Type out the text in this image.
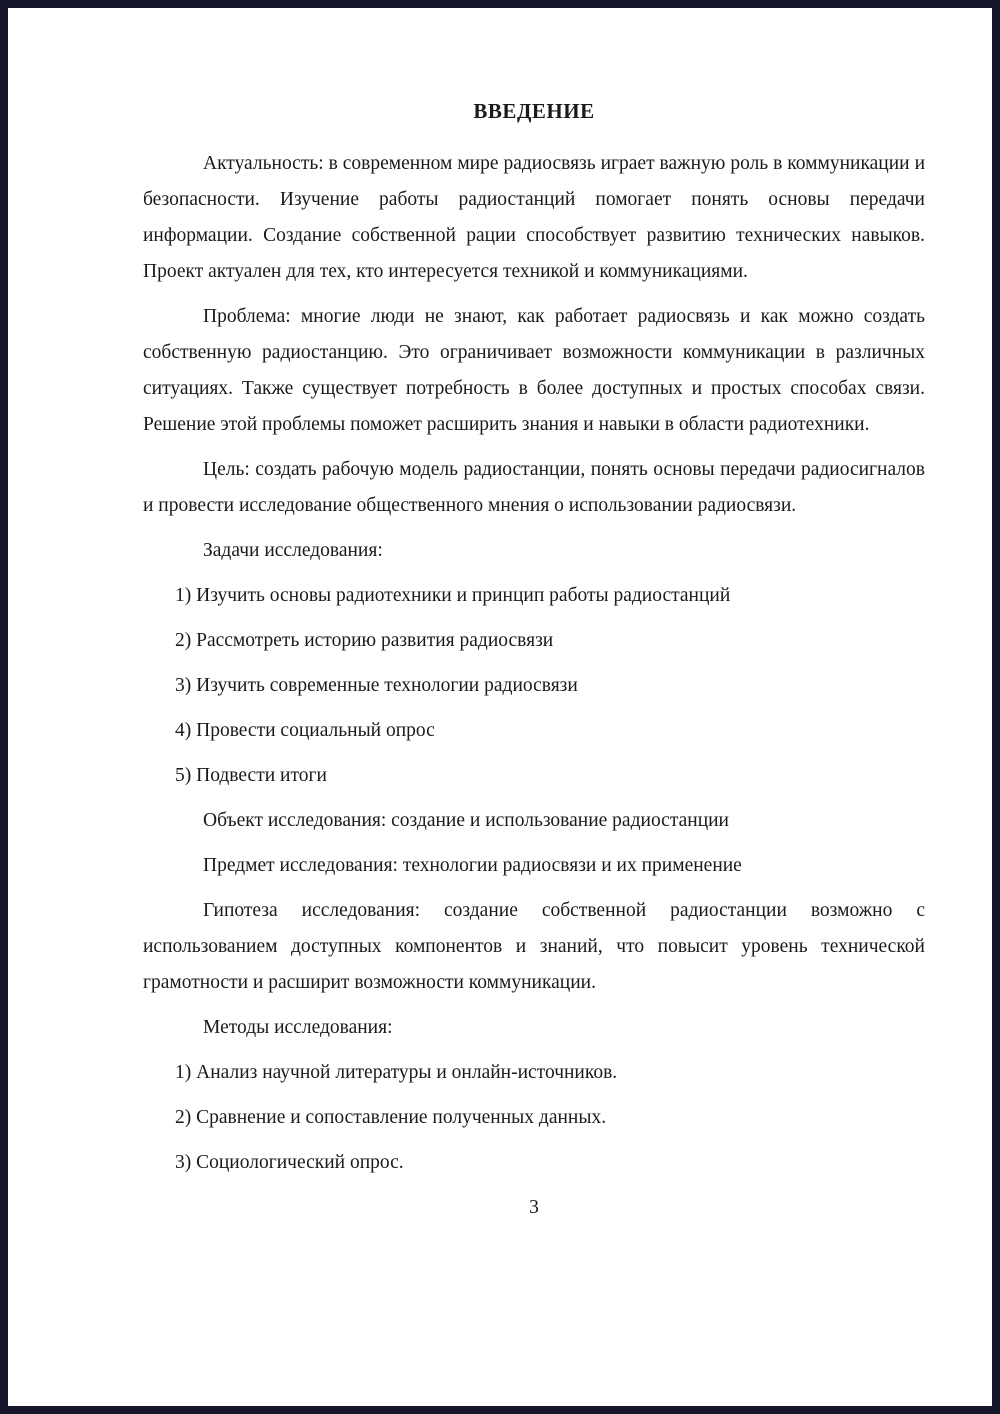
ВВЕДЕНИЕ

Актуальность: в современном мире радиосвязь играет важную роль в коммуникации и безопасности. Изучение работы радиостанций помогает понять основы передачи информации. Создание собственной рации способствует развитию технических навыков. Проект актуален для тех, кто интересуется техникой и коммуникациями.

Проблема: многие люди не знают, как работает радиосвязь и как можно создать собственную радиостанцию. Это ограничивает возможности коммуникации в различных ситуациях. Также существует потребность в более доступных и простых способах связи. Решение этой проблемы поможет расширить знания и навыки в области радиотехники.

Цель: создать рабочую модель радиостанции, понять основы передачи радиосигналов и провести исследование общественного мнения о использовании радиосвязи.

Задачи исследования:

1) Изучить основы радиотехники и принцип работы радиостанций

2) Рассмотреть историю развития радиосвязи

3) Изучить современные технологии радиосвязи

4) Провести социальный опрос

5) Подвести итоги

Объект исследования: создание и использование радиостанции

Предмет исследования: технологии радиосвязи и их применение

Гипотеза исследования: создание собственной радиостанции возможно с использованием доступных компонентов и знаний, что повысит уровень технической грамотности и расширит возможности коммуникации.

Методы исследования:

1) Анализ научной литературы и онлайн-источников.

2) Сравнение и сопоставление полученных данных.

3) Социологический опрос.

3
